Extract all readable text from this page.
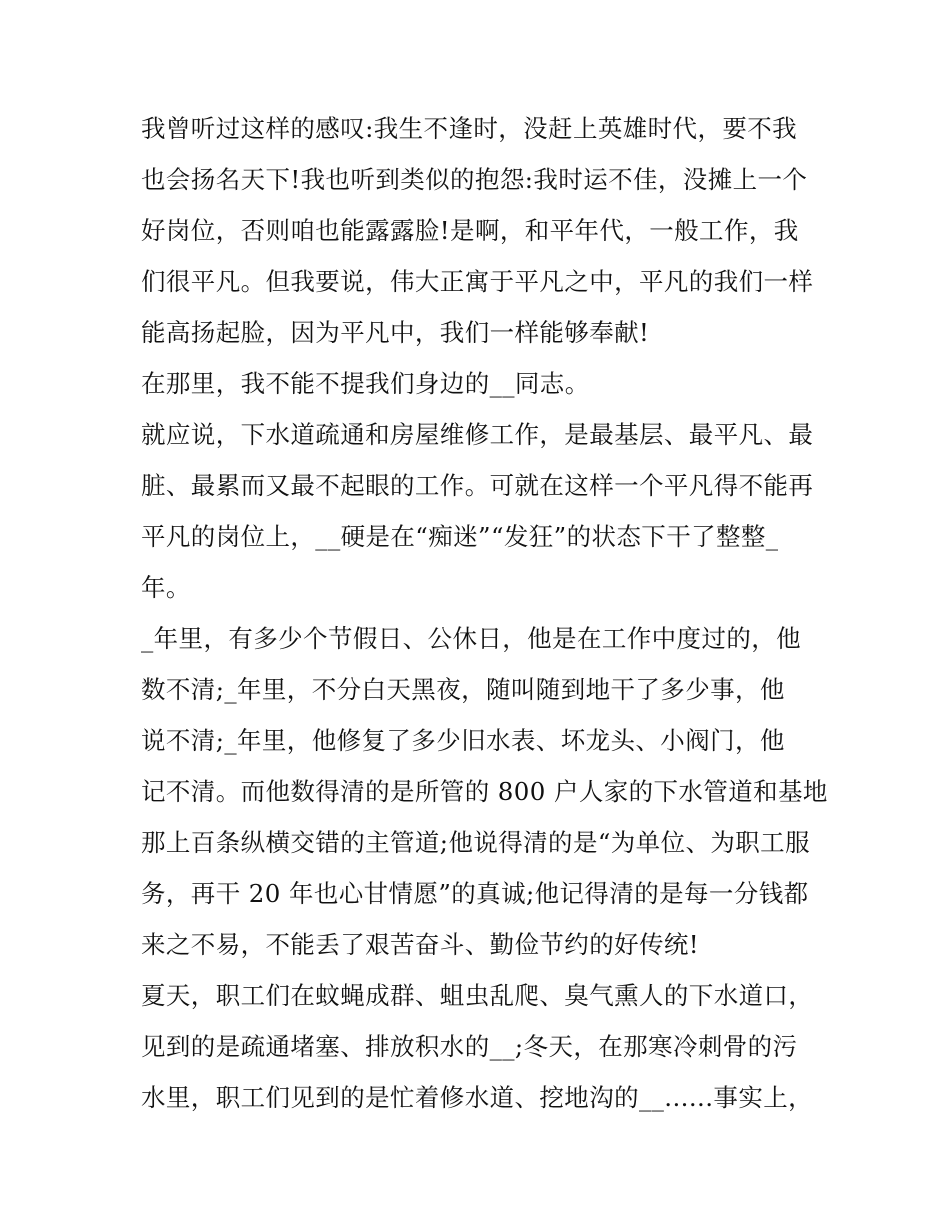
我曾听过这样的感叹:我生不逢时，没赶上英雄时代，要不我
也会扬名天下!我也听到类似的抱怨:我时运不佳，没摊上一个
好岗位，否则咱也能露露脸!是啊，和平年代，一般工作，我
们很平凡。但我要说，伟大正寓于平凡之中，平凡的我们一样
能高扬起脸，因为平凡中，我们一样能够奉献!
在那里，我不能不提我们身边的__同志。
就应说，下水道疏通和房屋维修工作，是最基层、最平凡、最
脏、最累而又最不起眼的工作。可就在这样一个平凡得不能再
平凡的岗位上，__硬是在“痴迷”“发狂”的状态下干了整整_
年。
_年里，有多少个节假日、公休日，他是在工作中度过的，他
数不清;_年里，不分白天黑夜，随叫随到地干了多少事，他
说不清;_年里，他修复了多少旧水表、坏龙头、小阀门，他
记不清。而他数得清的是所管的 800 户人家的下水管道和基地
那上百条纵横交错的主管道;他说得清的是“为单位、为职工服
务，再干 20 年也心甘情愿”的真诚;他记得清的是每一分钱都
来之不易，不能丢了艰苦奋斗、勤俭节约的好传统!
夏天，职工们在蚊蝇成群、蛆虫乱爬、臭气熏人的下水道口，
见到的是疏通堵塞、排放积水的__;冬天，在那寒冷刺骨的污
水里，职工们见到的是忙着修水道、挖地沟的__......事实上，
